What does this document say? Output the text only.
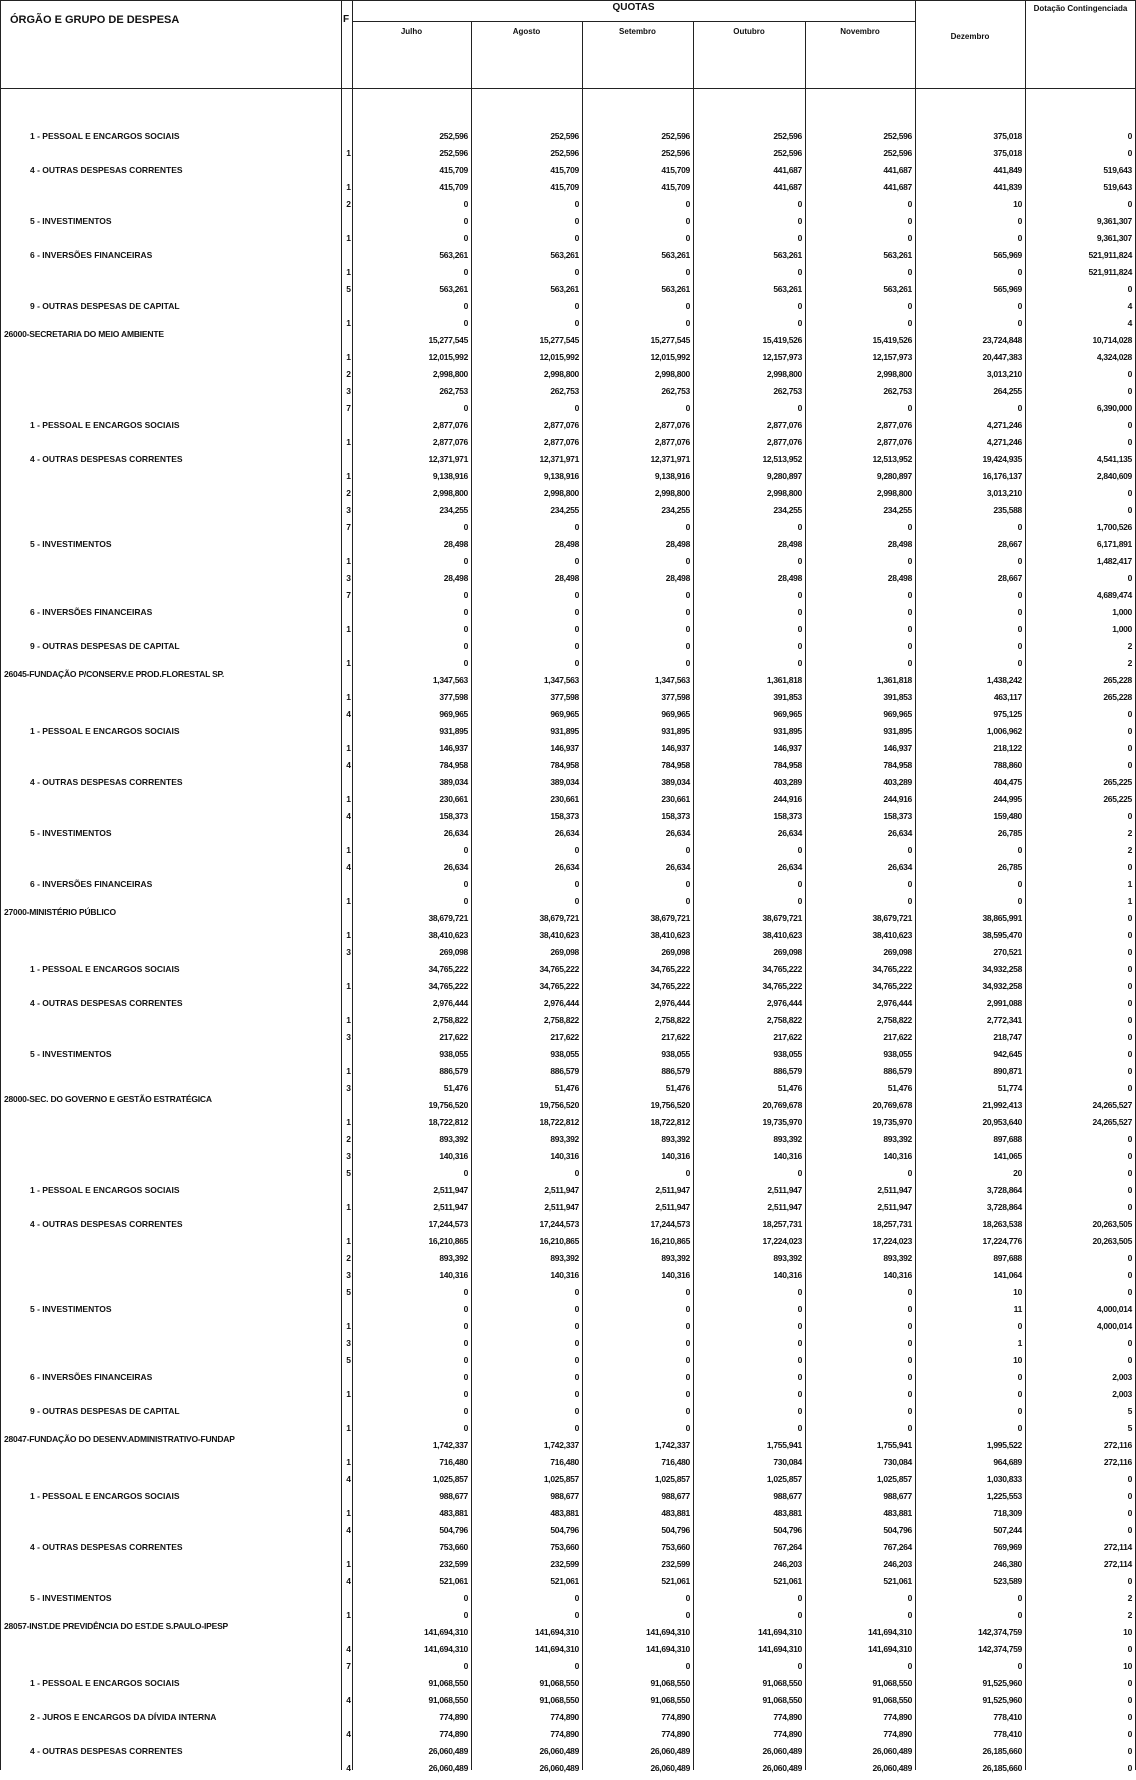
ÓRGÃO E GRUPO DE DESPESA	F
QUOTAS
Julho	Agosto	Setembro	Outubro	Novembro
Dezembro
Dotação Contingenciada
1 - PESSOAL E ENCARGOS SOCIAIS	252,596	252,596	252,596	252,596	252,596	375,018	0
1	252,596	252,596	252,596	252,596	252,596	375,018	0
4 - OUTRAS DESPESAS CORRENTES	415,709	415,709	415,709	441,687	441,687	441,849	519,643
1	415,709	415,709	415,709	441,687	441,687	441,839	519,643
2	0	0	0	0	0	10	0
5 - INVESTIMENTOS	0	0	0	0	0	0	9,361,307
1	0	0	0	0	0	0	9,361,307
6 - INVERSÕES FINANCEIRAS	563,261	563,261	563,261	563,261	563,261	565,969	521,911,824
1	0	0	0	0	0	0	521,911,824
5	563,261	563,261	563,261	563,261	563,261	565,969	0
9 - OUTRAS DESPESAS DE CAPITAL	0	0	0	0	0	0	4
1	0	0	0	0	0	0	4
26000-SECRETARIA DO MEIO AMBIENTE
15,277,545	15,277,545	15,277,545	15,419,526	15,419,526	23,724,848	10,714,028
1	12,015,992	12,015,992	12,015,992	12,157,973	12,157,973	20,447,383	4,324,028
2	2,998,800	2,998,800	2,998,800	2,998,800	2,998,800	3,013,210	0
3	262,753	262,753	262,753	262,753	262,753	264,255	0
7	0	0	0	0	0	0	6,390,000
1 - PESSOAL E ENCARGOS SOCIAIS	2,877,076	2,877,076	2,877,076	2,877,076	2,877,076	4,271,246	0
1	2,877,076	2,877,076	2,877,076	2,877,076	2,877,076	4,271,246	0
4 - OUTRAS DESPESAS CORRENTES	12,371,971	12,371,971	12,371,971	12,513,952	12,513,952	19,424,935	4,541,135
1	9,138,916	9,138,916	9,138,916	9,280,897	9,280,897	16,176,137	2,840,609
2	2,998,800	2,998,800	2,998,800	2,998,800	2,998,800	3,013,210	0
3	234,255	234,255	234,255	234,255	234,255	235,588	0
7	0	0	0	0	0	0	1,700,526
5 - INVESTIMENTOS	28,498	28,498	28,498	28,498	28,498	28,667	6,171,891
1	0	0	0	0	0	0	1,482,417
3	28,498	28,498	28,498	28,498	28,498	28,667	0
7	0	0	0	0	0	0	4,689,474
6 - INVERSÕES FINANCEIRAS	0	0	0	0	0	0	1,000
1	0	0	0	0	0	0	1,000
9 - OUTRAS DESPESAS DE CAPITAL	0	0	0	0	0	0	2
1	0	0	0	0	0	0	2
26045-FUNDAÇÃO P/CONSERV.E PROD.FLORESTAL SP.
1,347,563	1,347,563	1,347,563	1,361,818	1,361,818	1,438,242	265,228
1	377,598	377,598	377,598	391,853	391,853	463,117	265,228
4	969,965	969,965	969,965	969,965	969,965	975,125	0
1 - PESSOAL E ENCARGOS SOCIAIS	931,895	931,895	931,895	931,895	931,895	1,006,962	0
1	146,937	146,937	146,937	146,937	146,937	218,122	0
4	784,958	784,958	784,958	784,958	784,958	788,860	0
4 - OUTRAS DESPESAS CORRENTES	389,034	389,034	389,034	403,289	403,289	404,475	265,225
1	230,661	230,661	230,661	244,916	244,916	244,995	265,225
4	158,373	158,373	158,373	158,373	158,373	159,480	0
5 - INVESTIMENTOS	26,634	26,634	26,634	26,634	26,634	26,785	2
1	0	0	0	0	0	0	2
4	26,634	26,634	26,634	26,634	26,634	26,785	0
6 - INVERSÕES FINANCEIRAS	0	0	0	0	0	0	1
1	0	0	0	0	0	0	1
27000-MINISTÉRIO PÚBLICO
38,679,721	38,679,721	38,679,721	38,679,721	38,679,721	38,865,991	0
1	38,410,623	38,410,623	38,410,623	38,410,623	38,410,623	38,595,470	0
3	269,098	269,098	269,098	269,098	269,098	270,521	0
1 - PESSOAL E ENCARGOS SOCIAIS	34,765,222	34,765,222	34,765,222	34,765,222	34,765,222	34,932,258	0
1	34,765,222	34,765,222	34,765,222	34,765,222	34,765,222	34,932,258	0
4 - OUTRAS DESPESAS CORRENTES	2,976,444	2,976,444	2,976,444	2,976,444	2,976,444	2,991,088	0
1	2,758,822	2,758,822	2,758,822	2,758,822	2,758,822	2,772,341	0
3	217,622	217,622	217,622	217,622	217,622	218,747	0
5 - INVESTIMENTOS	938,055	938,055	938,055	938,055	938,055	942,645	0
1	886,579	886,579	886,579	886,579	886,579	890,871	0
3	51,476	51,476	51,476	51,476	51,476	51,774	0
28000-SEC. DO GOVERNO E GESTÃO ESTRATÉGICA
19,756,520	19,756,520	19,756,520	20,769,678	20,769,678	21,992,413	24,265,527
1	18,722,812	18,722,812	18,722,812	19,735,970	19,735,970	20,953,640	24,265,527
2	893,392	893,392	893,392	893,392	893,392	897,688	0
3	140,316	140,316	140,316	140,316	140,316	141,065	0
5	0	0	0	0	0	20	0
1 - PESSOAL E ENCARGOS SOCIAIS	2,511,947	2,511,947	2,511,947	2,511,947	2,511,947	3,728,864	0
1	2,511,947	2,511,947	2,511,947	2,511,947	2,511,947	3,728,864	0
4 - OUTRAS DESPESAS CORRENTES	17,244,573	17,244,573	17,244,573	18,257,731	18,257,731	18,263,538	20,263,505
1	16,210,865	16,210,865	16,210,865	17,224,023	17,224,023	17,224,776	20,263,505
2	893,392	893,392	893,392	893,392	893,392	897,688	0
3	140,316	140,316	140,316	140,316	140,316	141,064	0
5	0	0	0	0	0	10	0
5 - INVESTIMENTOS	0	0	0	0	0	11	4,000,014
1	0	0	0	0	0	0	4,000,014
3	0	0	0	0	0	1	0
5	0	0	0	0	0	10	0
6 - INVERSÕES FINANCEIRAS	0	0	0	0	0	0	2,003
1	0	0	0	0	0	0	2,003
9 - OUTRAS DESPESAS DE CAPITAL	0	0	0	0	0	0	5
1	0	0	0	0	0	0	5
28047-FUNDAÇÃO DO DESENV.ADMINISTRATIVO-FUNDAP
1,742,337	1,742,337	1,742,337	1,755,941	1,755,941	1,995,522	272,116
1	716,480	716,480	716,480	730,084	730,084	964,689	272,116
4	1,025,857	1,025,857	1,025,857	1,025,857	1,025,857	1,030,833	0
1 - PESSOAL E ENCARGOS SOCIAIS	988,677	988,677	988,677	988,677	988,677	1,225,553	0
1	483,881	483,881	483,881	483,881	483,881	718,309	0
4	504,796	504,796	504,796	504,796	504,796	507,244	0
4 - OUTRAS DESPESAS CORRENTES	753,660	753,660	753,660	767,264	767,264	769,969	272,114
1	232,599	232,599	232,599	246,203	246,203	246,380	272,114
4	521,061	521,061	521,061	521,061	521,061	523,589	0
5 - INVESTIMENTOS	0	0	0	0	0	0	2
1	0	0	0	0	0	0	2
28057-INST.DE PREVIDÊNCIA DO EST.DE S.PAULO-IPESP
141,694,310	141,694,310	141,694,310	141,694,310	141,694,310	142,374,759	10
4	141,694,310	141,694,310	141,694,310	141,694,310	141,694,310	142,374,759	0
7	0	0	0	0	0	0	10
1 - PESSOAL E ENCARGOS SOCIAIS	91,068,550	91,068,550	91,068,550	91,068,550	91,068,550	91,525,960	0
4	91,068,550	91,068,550	91,068,550	91,068,550	91,068,550	91,525,960	0
2 - JUROS E ENCARGOS DA DÍVIDA INTERNA	774,890	774,890	774,890	774,890	774,890	778,410	0
4	774,890	774,890	774,890	774,890	774,890	778,410	0
4 - OUTRAS DESPESAS CORRENTES	26,060,489	26,060,489	26,060,489	26,060,489	26,060,489	26,185,660	0
4	26,060,489	26,060,489	26,060,489	26,060,489	26,060,489	26,185,660	0
